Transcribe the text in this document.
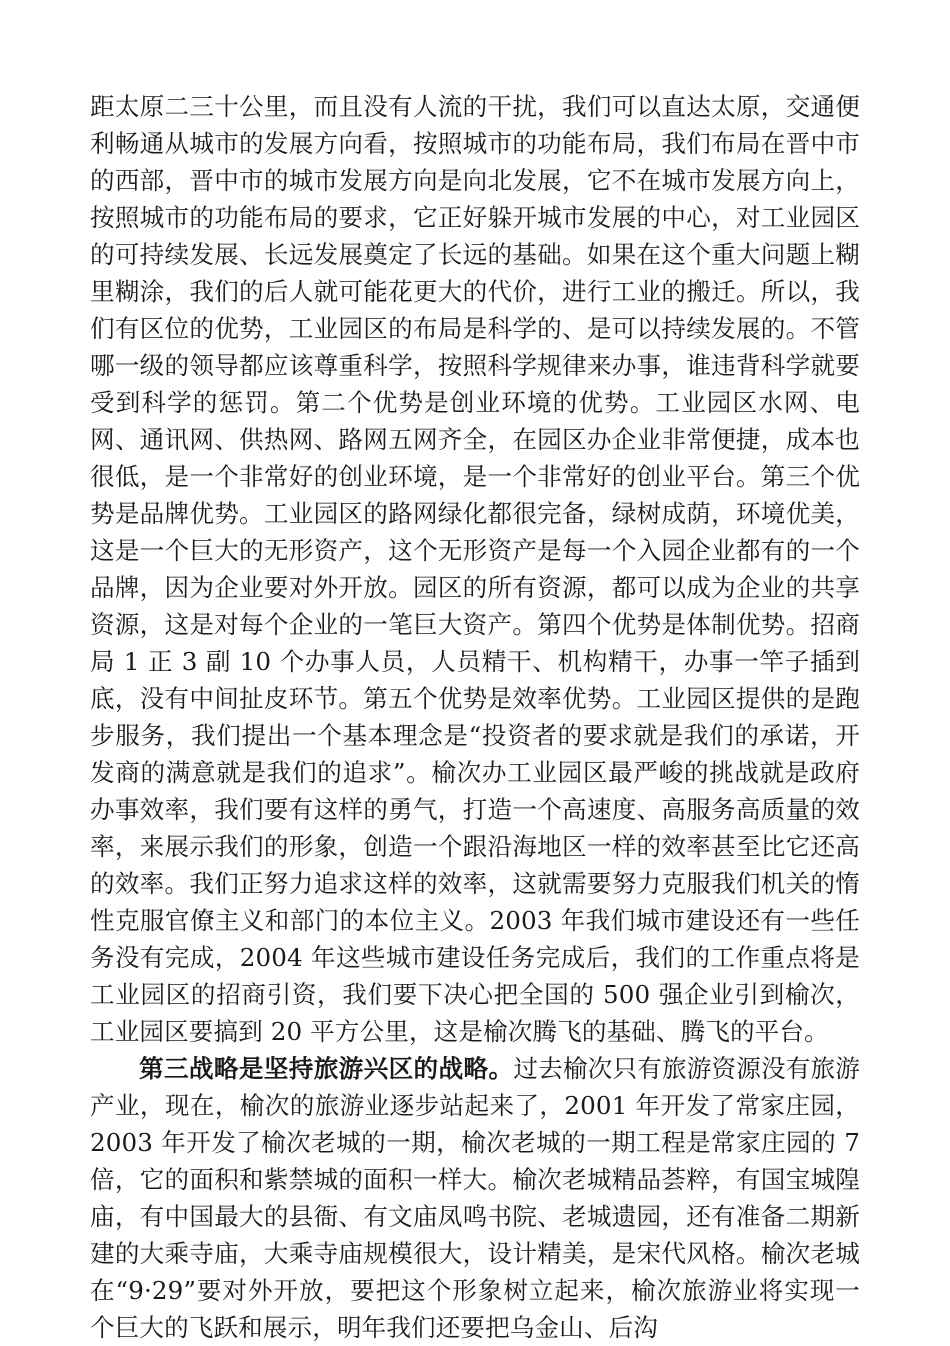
距太原二三十公里，而且没有人流的干扰，我们可以直达太原，交通便利畅通从城市的发展方向看，按照城市的功能布局，我们布局在晋中市的西部，晋中市的城市发展方向是向北发展，它不在城市发展方向上，按照城市的功能布局的要求，它正好躲开城市发展的中心，对工业园区的可持续发展、长远发展奠定了长远的基础。如果在这个重大问题上糊里糊涂，我们的后人就可能花更大的代价，进行工业的搬迁。所以，我们有区位的优势，工业园区的布局是科学的、是可以持续发展的。不管哪一级的领导都应该尊重科学，按照科学规律来办事，谁违背科学就要受到科学的惩罚。第二个优势是创业环境的优势。工业园区水网、电网、通讯网、供热网、路网五网齐全，在园区办企业非常便捷，成本也很低，是一个非常好的创业环境，是一个非常好的创业平台。第三个优势是品牌优势。工业园区的路网绿化都很完备，绿树成荫，环境优美，这是一个巨大的无形资产，这个无形资产是每一个入园企业都有的一个品牌，因为企业要对外开放。园区的所有资源，都可以成为企业的共享资源，这是对每个企业的一笔巨大资产。第四个优势是体制优势。招商局 1 正 3 副 10 个办事人员，人员精干、机构精干，办事一竿子插到底，没有中间扯皮环节。第五个优势是效率优势。工业园区提供的是跑步服务，我们提出一个基本理念是“投资者的要求就是我们的承诺，开发商的满意就是我们的追求”。榆次办工业园区最严峻的挑战就是政府办事效率，我们要有这样的勇气，打造一个高速度、高服务高质量的效率，来展示我们的形象，创造一个跟沿海地区一样的效率甚至比它还高的效率。我们正努力追求这样的效率，这就需要努力克服我们机关的惰性克服官僚主义和部门的本位主义。2003 年我们城市建设还有一些任务没有完成，2004 年这些城市建设任务完成后，我们的工作重点将是工业园区的招商引资，我们要下决心把全国的 500 强企业引到榆次，工业园区要搞到 20 平方公里，这是榆次腾飞的基础、腾飞的平台。

第三战略是坚持旅游兴区的战略。过去榆次只有旅游资源没有旅游产业，现在，榆次的旅游业逐步站起来了，2001 年开发了常家庄园，2003 年开发了榆次老城的一期，榆次老城的一期工程是常家庄园的 7 倍，它的面积和紫禁城的面积一样大。榆次老城精品荟粹，有国宝城隍庙，有中国最大的县衙、有文庙凤鸣书院、老城遗园，还有准备二期新建的大乘寺庙，大乘寺庙规模很大，设计精美，是宋代风格。榆次老城在“9·29”要对外开放，要把这个形象树立起来，榆次旅游业将实现一个巨大的飞跃和展示，明年我们还要把乌金山、后沟
